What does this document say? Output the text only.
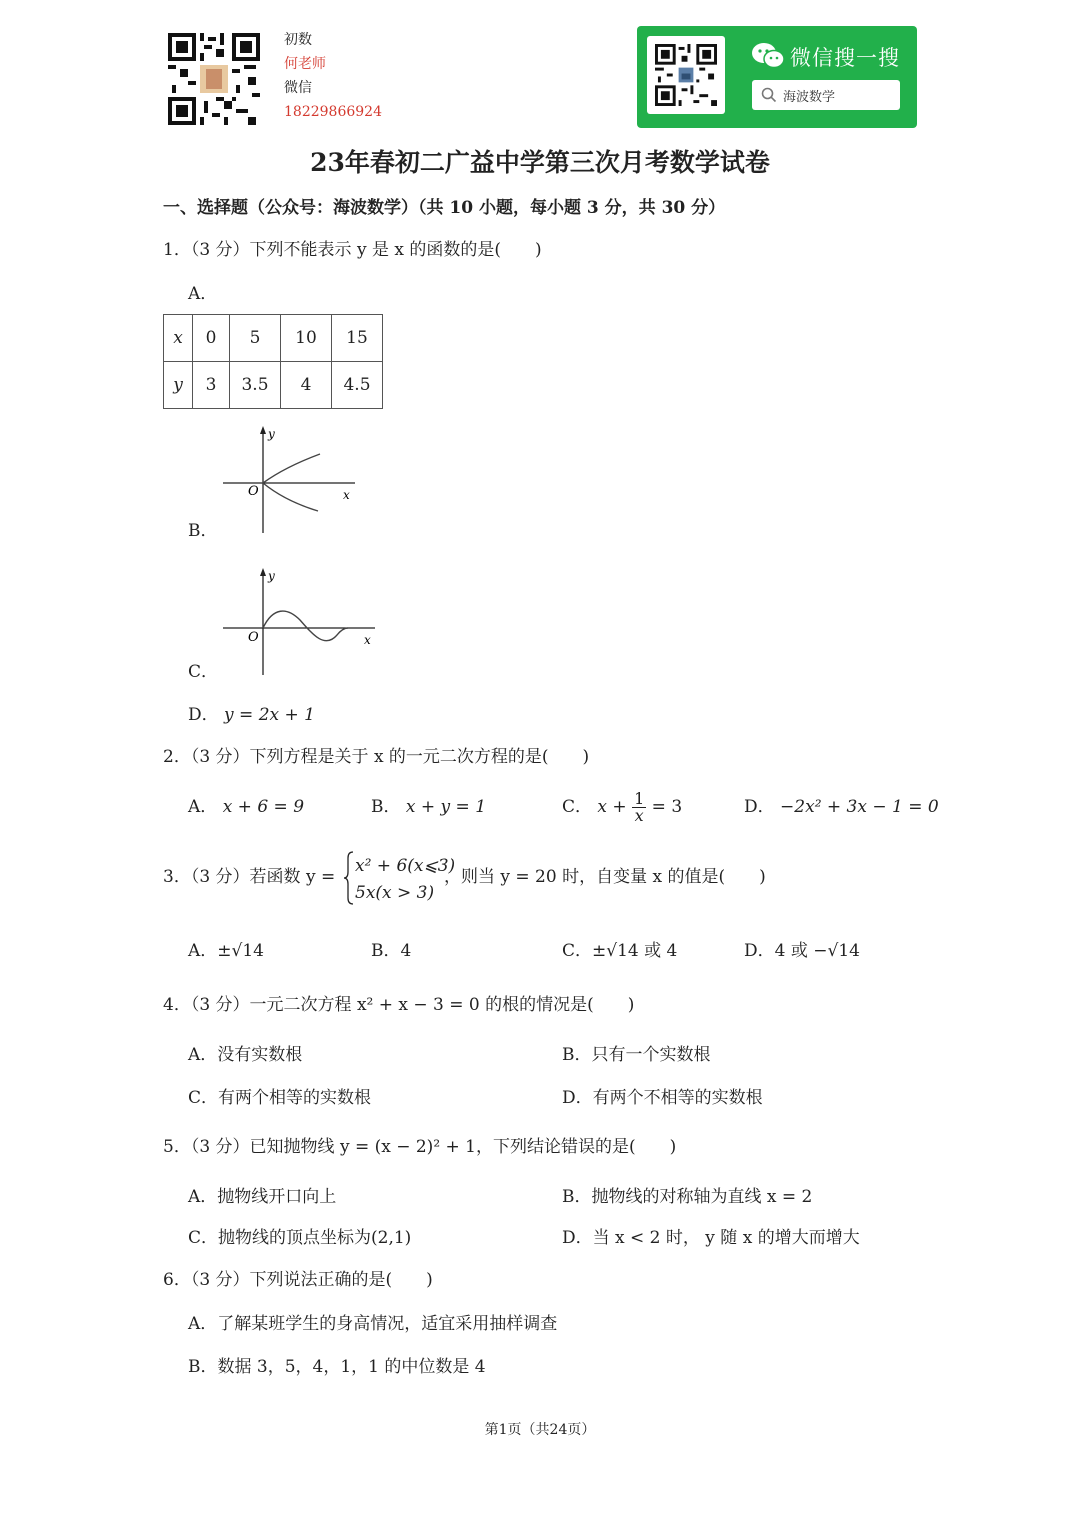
初数
何老师
微信
18229866924
微信搜一搜
海波数学
23年春初二广益中学第三次月考数学试卷
一、选择题（公众号：海波数学）（共 10 小题，每小题 3 分，共 30 分）
1．（3 分）下列不能表示 y 是 x 的函数的是(　　)
A．
x	0	5	10	15
y	3	3.5	4	4.5
O	x
y
B．
O	x
y
C．
D． y = 2x + 1
2．（3 分）下列方程是关于 x 的一元二次方程的是(　　)
A． x + 6 = 9	B． x + y = 1	C． $x + \frac{1}{x} = 3$	D． −2x² + 3x − 1 = 0
3．（3 分）若函数 y =
x² + 6(x⩽3)
5x(x > 3)
，则当 y = 20 时，自变量 x 的值是(　　)
A．±√14	B．4	C．±√14 或 4	D．4 或 −√14
4．（3 分）一元二次方程 x² + x − 3 = 0 的根的情况是(　　)
A．没有实数根	B．只有一个实数根
C．有两个相等的实数根	D．有两个不相等的实数根
5．（3 分）已知抛物线 y = (x − 2)² + 1，下列结论错误的是(　　)
A．抛物线开口向上	B．抛物线的对称轴为直线 x = 2
C．抛物线的顶点坐标为(2,1)	D．当 x < 2 时， y 随 x 的增大而增大
6．（3 分）下列说法正确的是(　　)
A．了解某班学生的身高情况，适宜采用抽样调查
B．数据 3，5，4，1，1 的中位数是 4
第1页（共24页）
